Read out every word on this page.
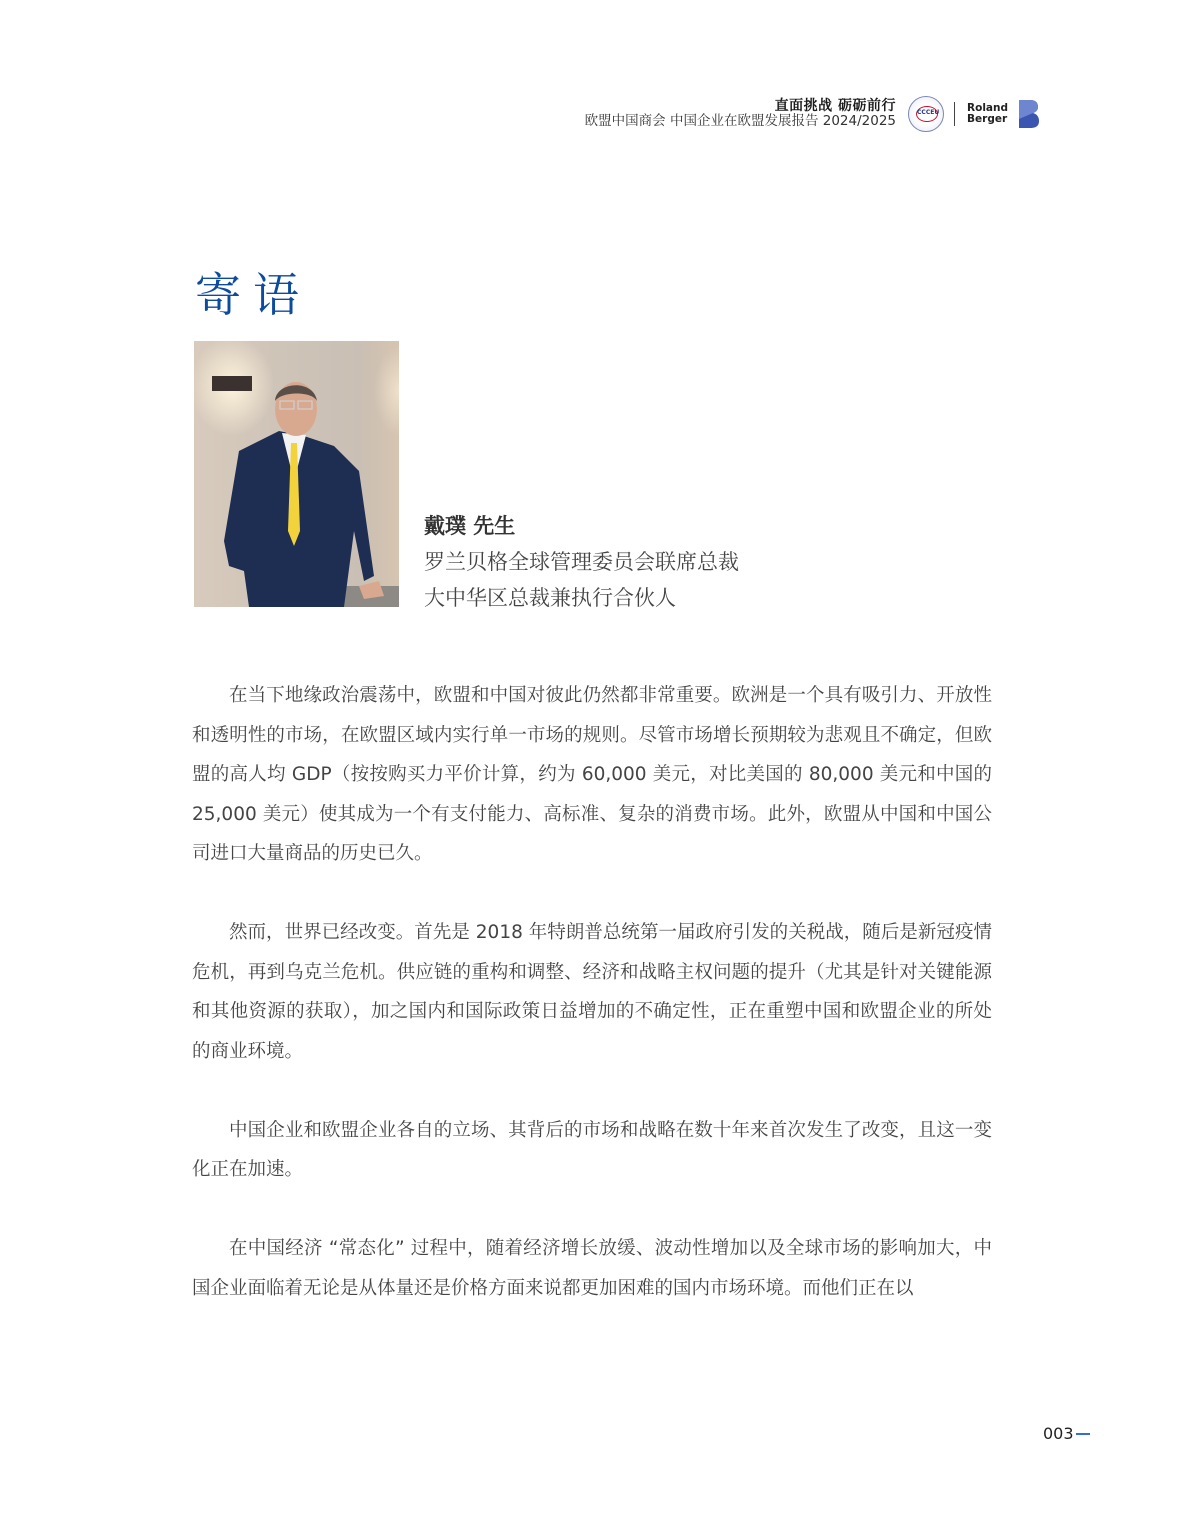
直面挑战 砺砺前行
欧盟中国商会 中国企业在欧盟发展报告 2024/2025
CCCEU	Roland
Berger
寄语
戴璞 先生
罗兰贝格全球管理委员会联席总裁
大中华区总裁兼执行合伙人

在当下地缘政治震荡中，欧盟和中国对彼此仍然都非常重要。欧洲是一个具有吸引力、开放性和透明性的市场，在欧盟区域内实行单一市场的规则。尽管市场增长预期较为悲观且不确定，但欧盟的高人均 GDP（按按购买力平价计算，约为 60,000 美元，对比美国的 80,000 美元和中国的 25,000 美元）使其成为一个有支付能力、高标准、复杂的消费市场。此外，欧盟从中国和中国公司进口大量商品的历史已久。

然而，世界已经改变。首先是 2018 年特朗普总统第一届政府引发的关税战，随后是新冠疫情危机，再到乌克兰危机。供应链的重构和调整、经济和战略主权问题的提升（尤其是针对关键能源和其他资源的获取），加之国内和国际政策日益增加的不确定性，正在重塑中国和欧盟企业的所处的商业环境。

中国企业和欧盟企业各自的立场、其背后的市场和战略在数十年来首次发生了改变，且这一变化正在加速。

在中国经济 “常态化” 过程中，随着经济增长放缓、波动性增加以及全球市场的影响加大，中国企业面临着无论是从体量还是价格方面来说都更加困难的国内市场环境。而他们正在以

003
